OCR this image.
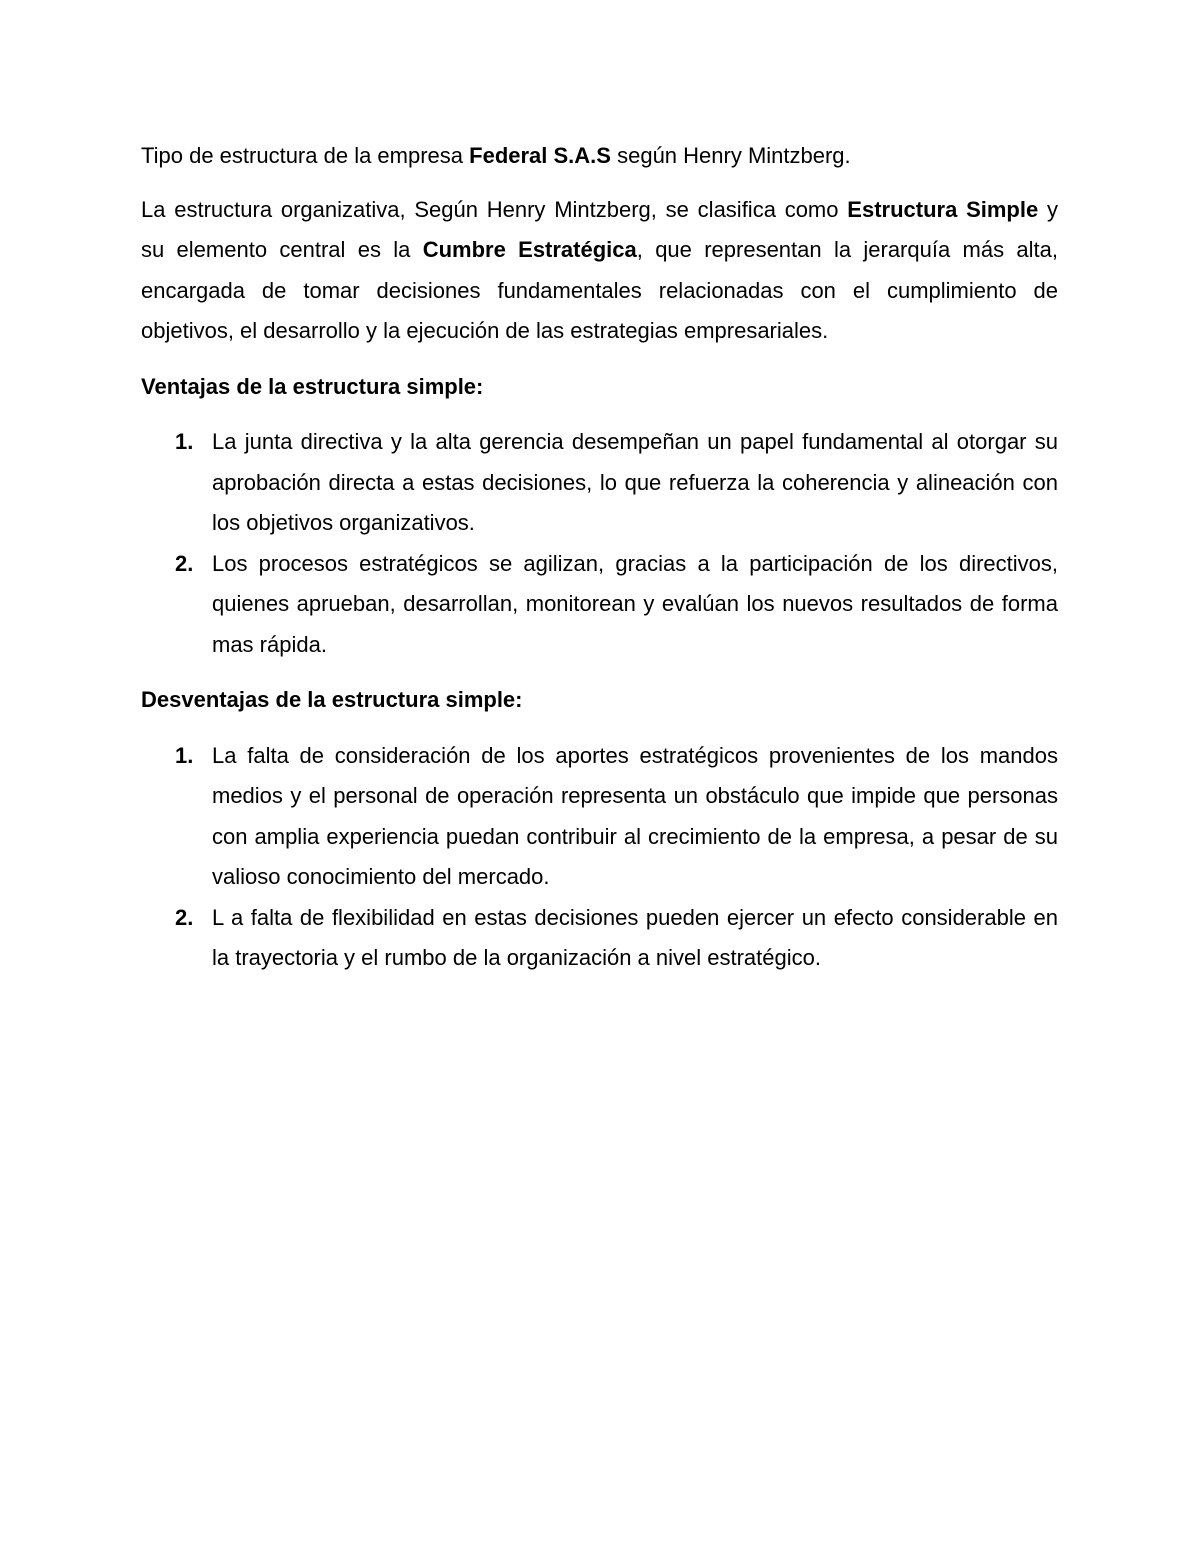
Tipo de estructura de la empresa Federal S.A.S según Henry Mintzberg.

La estructura organizativa, Según Henry Mintzberg, se clasifica como Estructura Simple y su elemento central es la Cumbre Estratégica, que representan la jerarquía más alta, encargada de tomar decisiones fundamentales relacionadas con el cumplimiento de objetivos, el desarrollo y la ejecución de las estrategias empresariales.

Ventajas de la estructura simple:

1. La junta directiva y la alta gerencia desempeñan un papel fundamental al otorgar su aprobación directa a estas decisiones, lo que refuerza la coherencia y alineación con los objetivos organizativos.
2. Los procesos estratégicos se agilizan, gracias a la participación de los directivos, quienes aprueban, desarrollan, monitorean y evalúan los nuevos resultados de forma mas rápida.

Desventajas de la estructura simple:

1. La falta de consideración de los aportes estratégicos provenientes de los mandos medios y el personal de operación representa un obstáculo que impide que personas con amplia experiencia puedan contribuir al crecimiento de la empresa, a pesar de su valioso conocimiento del mercado.
2. L a falta de flexibilidad en estas decisiones pueden ejercer un efecto considerable en la trayectoria y el rumbo de la organización a nivel estratégico.
